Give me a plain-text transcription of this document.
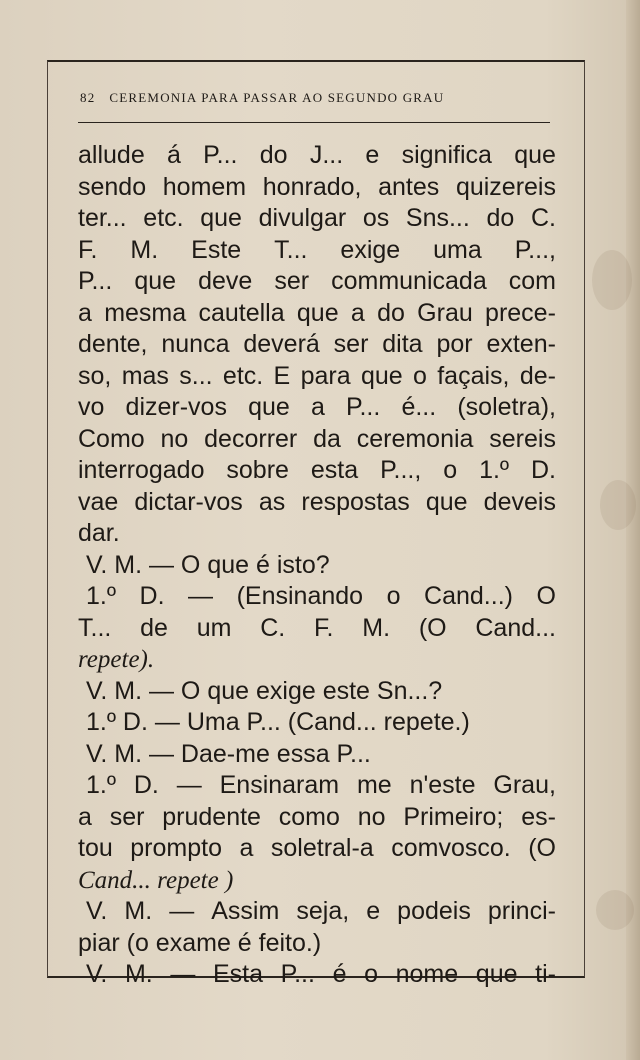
82 CEREMONIA PARA PASSAR AO SEGUNDO GRAU
allude á P... do J... e significa que
sendo homem honrado, antes quizereis
ter... etc. que divulgar os Sns... do C.
F. M. Este T... exige uma P...,
P... que deve ser communicada com
a mesma cautella que a do Grau prece-
dente, nunca deverá ser dita por exten-
so, mas s... etc. E para que o façais, de-
vo dizer-vos que a P... é... (soletra),
Como no decorrer da ceremonia sereis
interrogado sobre esta P..., o 1.º D.
vae dictar-vos as respostas que deveis
dar.
V. M. — O que é isto?
1.º D. — (Ensinando o Cand...) O
T... de um C. F. M. (O Cand...
repete).
V. M. — O que exige este Sn...?
1.º D. — Uma P... (Cand... repete.)
V. M. — Dae-me essa P...
1.º D. — Ensinaram me n'este Grau,
a ser prudente como no Primeiro; es-
tou prompto a soletral-a comvosco. (O
Cand... repete )
V. M. — Assim seja, e podeis princi-
piar (o exame é feito.)
V. M. — Esta P... é o nome que ti-
